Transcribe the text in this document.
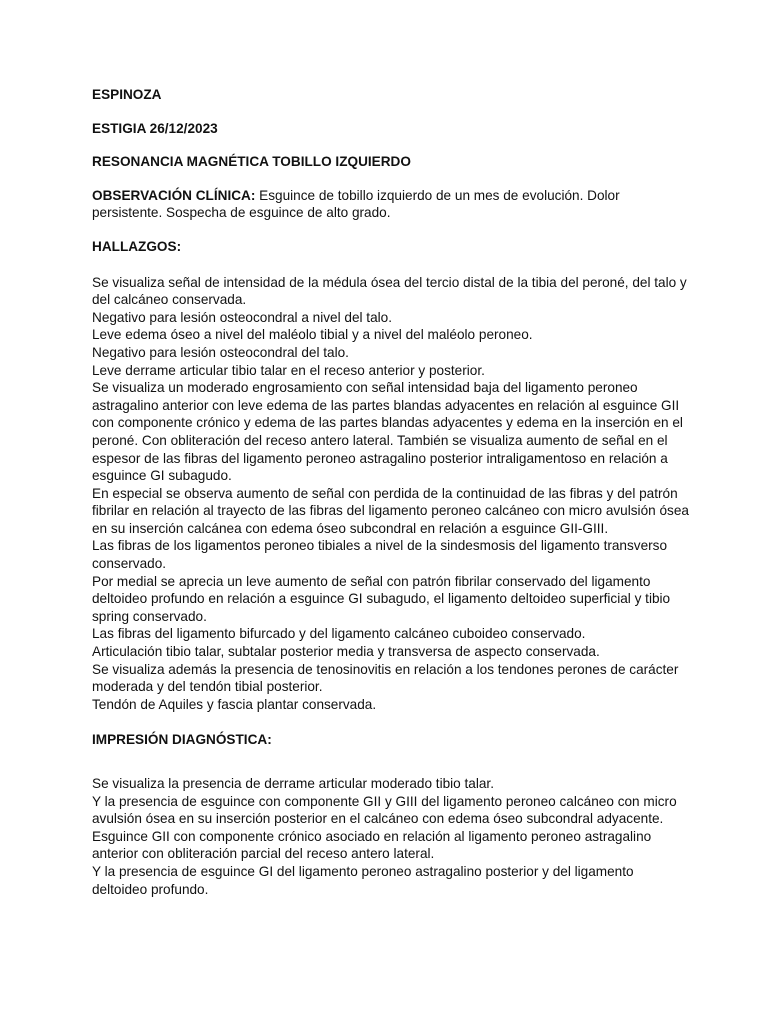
ESPINOZA

ESTIGIA 26/12/2023

RESONANCIA MAGNÉTICA TOBILLO IZQUIERDO

OBSERVACIÓN CLÍNICA: Esguince de tobillo izquierdo de un mes de evolución. Dolor persistente. Sospecha de esguince de alto grado.

HALLAZGOS:

Se visualiza señal de intensidad de la médula ósea del tercio distal de la tibia del peroné, del talo y del calcáneo conservada.

Negativo para lesión osteocondral a nivel del talo.

Leve edema óseo a nivel del maléolo tibial y a nivel del maléolo peroneo.

Negativo para lesión osteocondral del talo.

Leve derrame articular tibio talar en el receso anterior y posterior.

Se visualiza un moderado engrosamiento con señal intensidad baja del ligamento peroneo astragalino anterior con leve edema de las partes blandas adyacentes en relación al esguince GII con componente crónico y edema de las partes blandas adyacentes y edema en la inserción en el peroné. Con obliteración del receso antero lateral. También se visualiza aumento de señal en el espesor de las fibras del ligamento peroneo astragalino posterior intraligamentoso en relación a esguince GI subagudo.

En especial se observa aumento de señal con perdida de la continuidad de las fibras y del patrón fibrilar en relación al trayecto de las fibras del ligamento peroneo calcáneo con micro avulsión ósea en su inserción calcánea con edema óseo subcondral en relación a esguince GII-GIII.

Las fibras de los ligamentos peroneo tibiales a nivel de la sindesmosis del ligamento transverso conservado.

Por medial se aprecia un leve aumento de señal con patrón fibrilar conservado del ligamento deltoideo profundo en relación a esguince GI subagudo, el ligamento deltoideo superficial y tibio spring conservado.

Las fibras del ligamento bifurcado y del ligamento calcáneo cuboideo conservado.

Articulación tibio talar, subtalar posterior media y transversa de aspecto conservada.

Se visualiza además la presencia de tenosinovitis en relación a los tendones perones de carácter moderada y del tendón tibial posterior.

Tendón de Aquiles y fascia plantar conservada.

IMPRESIÓN DIAGNÓSTICA:

Se visualiza la presencia de derrame articular moderado tibio talar.

Y la presencia de esguince con componente GII y GIII del ligamento peroneo calcáneo con micro avulsión ósea en su inserción posterior en el calcáneo con edema óseo subcondral adyacente.

Esguince GII con componente crónico asociado en relación al ligamento peroneo astragalino anterior con obliteración parcial del receso antero lateral.

Y la presencia de esguince GI del ligamento peroneo astragalino posterior y del ligamento deltoideo profundo.
